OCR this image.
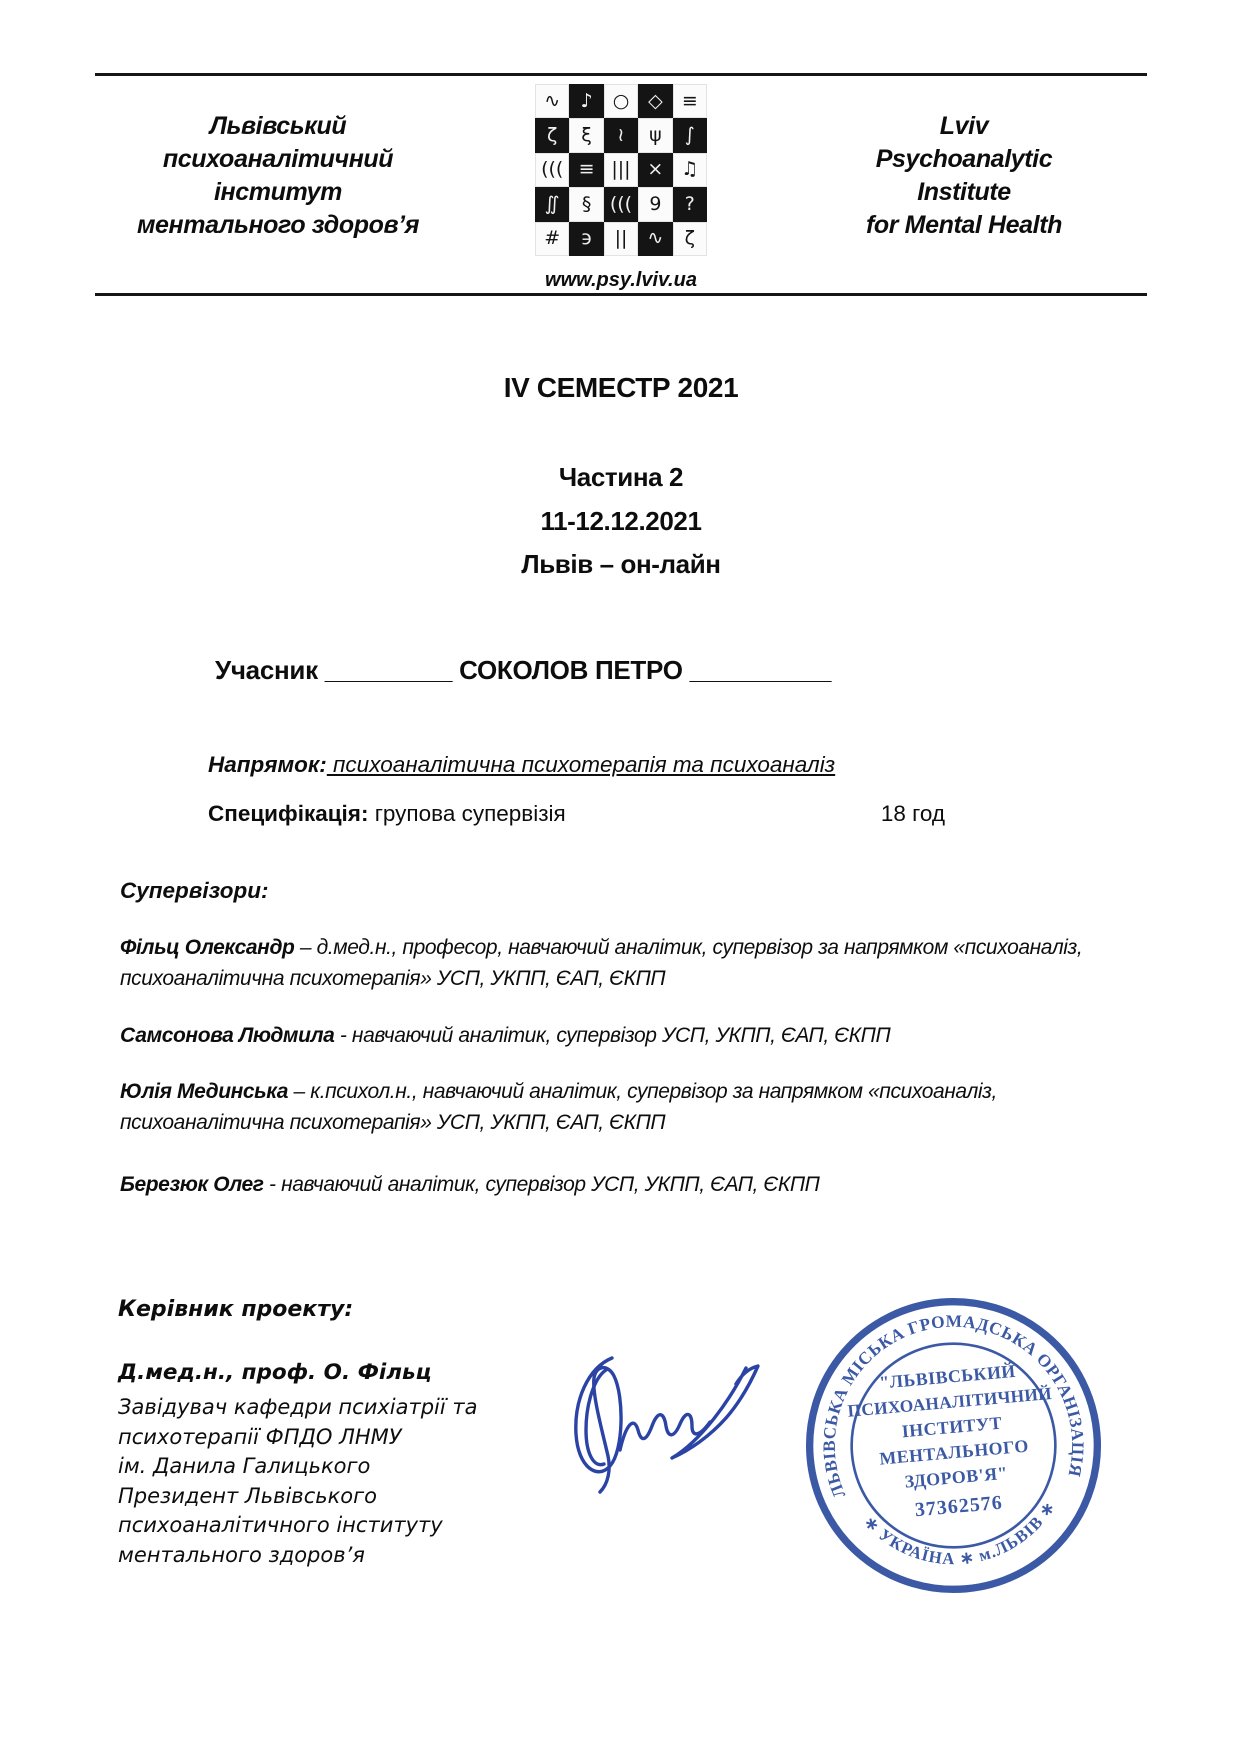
Львівський
психоаналітичний
інститут
ментального здоров’я
∿	♪	○ ◇	≡
ζ	ξ	≀	ψ	∫
((( ≡ ||| × ♫
∬	§ ((( 9	?
#	϶	||	∿	ζ
www.psy.lviv.ua
Lviv
Psychoanalytic
Institute
for Mental Health
IV СЕМЕСТР 2021
Частина 2
11-12.12.2021
Львів – он-лайн
Учасник _________ СОКОЛОВ ПЕТРО __________
Напрямок: психоаналітична психотерапія та психоаналіз
Специфікація: групова супервізія	18 год
Супервізори:
Фільц Олександр – д.мед.н., професор, навчаючий аналітик, супервізор за напрямком «психоаналіз, психоаналітична психотерапія» УСП, УКПП, ЄАП, ЄКПП
Самсонова Людмила - навчаючий аналітик, супервізор УСП, УКПП, ЄАП, ЄКПП
Юлія Мединська – к.психол.н., навчаючий аналітик, супервізор за напрямком «психоаналіз, психоаналітична психотерапія» УСП, УКПП, ЄАП, ЄКПП
Березюк Олег - навчаючий аналітик, супервізор УСП, УКПП, ЄАП, ЄКПП
Керівник проекту:
Д.мед.н., проф. О. Фільц
Завідувач кафедри психіатрії та
психотерапії ФПДО ЛНМУ
ім. Данила Галицького
Президент Львівського
психоаналітичного інституту
ментального здоров’я
ЛЬВІВСЬКА МІСЬКА ГРОМАДСЬКА ОРГАНІЗАЦІЯ
∗ УКРАЇНА ∗ м.ЛЬВІВ ∗
"ЛЬВІВСЬКИЙ
ПСИХОАНАЛІТИЧНИЙ
ІНСТИТУТ
МЕНТАЛЬНОГО
ЗДОРОВ'Я"
37362576
